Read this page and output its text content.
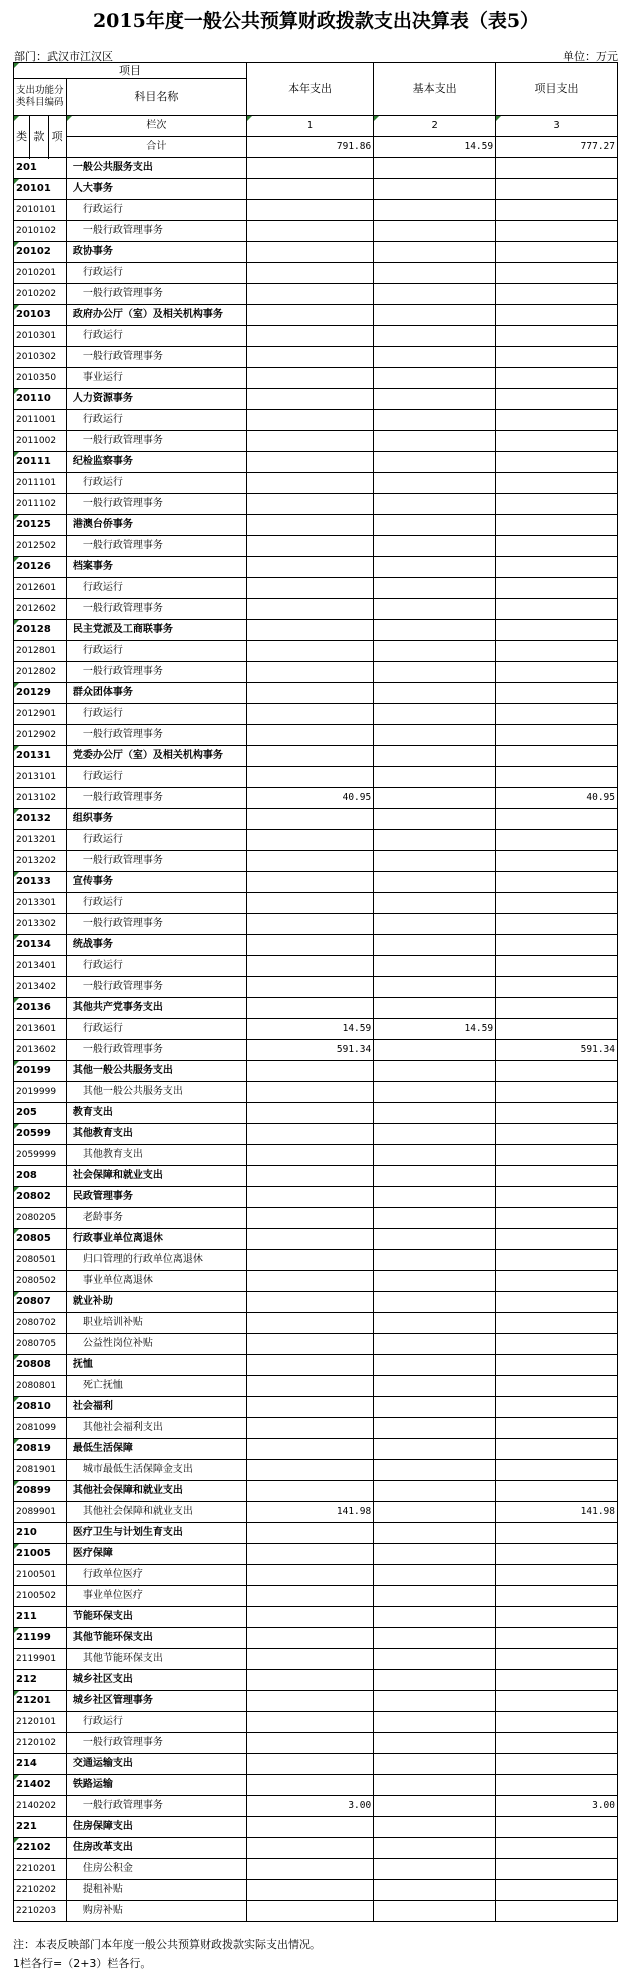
2015年度一般公共预算财政拨款支出决算表（表5）
部门：武汉市江汉区	单位：万元
项目				本年支出	基本支出	项目支出
支出功能分类科目编码			科目名称			

类	款	项	栏次	1	2	3
			合计	791.86	14.59	777.27

201			一般公共服务支出			
20101			人大事务			
2010101			行政运行			
2010102			一般行政管理事务			
20102			政协事务			
2010201			行政运行			
2010202			一般行政管理事务			
20103			政府办公厅（室）及相关机构事务			
2010301			行政运行			
2010302			一般行政管理事务			
2010350			事业运行			
20110			人力资源事务			
2011001			行政运行			
2011002			一般行政管理事务			
20111			纪检监察事务			
2011101			行政运行			
2011102			一般行政管理事务			
20125			港澳台侨事务			
2012502			一般行政管理事务			
20126			档案事务			
2012601			行政运行			
2012602			一般行政管理事务			
20128			民主党派及工商联事务			
2012801			行政运行			
2012802			一般行政管理事务			
20129			群众团体事务			
2012901			行政运行			
2012902			一般行政管理事务			
20131			党委办公厅（室）及相关机构事务			
2013101			行政运行			
2013102			一般行政管理事务	40.95		40.95
20132			组织事务			
2013201			行政运行			
2013202			一般行政管理事务			
20133			宣传事务			
2013301			行政运行			
2013302			一般行政管理事务			
20134			统战事务			
2013401			行政运行			
2013402			一般行政管理事务			
20136			其他共产党事务支出			
2013601			行政运行	14.59	14.59	
2013602			一般行政管理事务	591.34		591.34
20199			其他一般公共服务支出			
2019999			其他一般公共服务支出			
205			教育支出			
20599			其他教育支出			
2059999			其他教育支出			
208			社会保障和就业支出			
20802			民政管理事务			
2080205			老龄事务			
20805			行政事业单位离退休			
2080501			归口管理的行政单位离退休			
2080502			事业单位离退休			
20807			就业补助			
2080702			职业培训补贴			
2080705			公益性岗位补贴			
20808			抚恤			
2080801			死亡抚恤			
20810			社会福利			
2081099			其他社会福利支出			
20819			最低生活保障			
2081901			城市最低生活保障金支出			
20899			其他社会保障和就业支出			
2089901			其他社会保障和就业支出	141.98		141.98
210			医疗卫生与计划生育支出			
21005			医疗保障			
2100501			行政单位医疗			
2100502			事业单位医疗			
211			节能环保支出			
21199			其他节能环保支出			
2119901			其他节能环保支出			
212			城乡社区支出			
21201			城乡社区管理事务			
2120101			行政运行			
2120102			一般行政管理事务			
214			交通运输支出			
21402			铁路运输			
2140202			一般行政管理事务	3.00		3.00
221			住房保障支出			
22102			住房改革支出			
2210201			住房公积金			
2210202			提租补贴			
2210203			购房补贴			
注：本表反映部门本年度一般公共预算财政拨款实际支出情况。
1栏各行=（2+3）栏各行。
